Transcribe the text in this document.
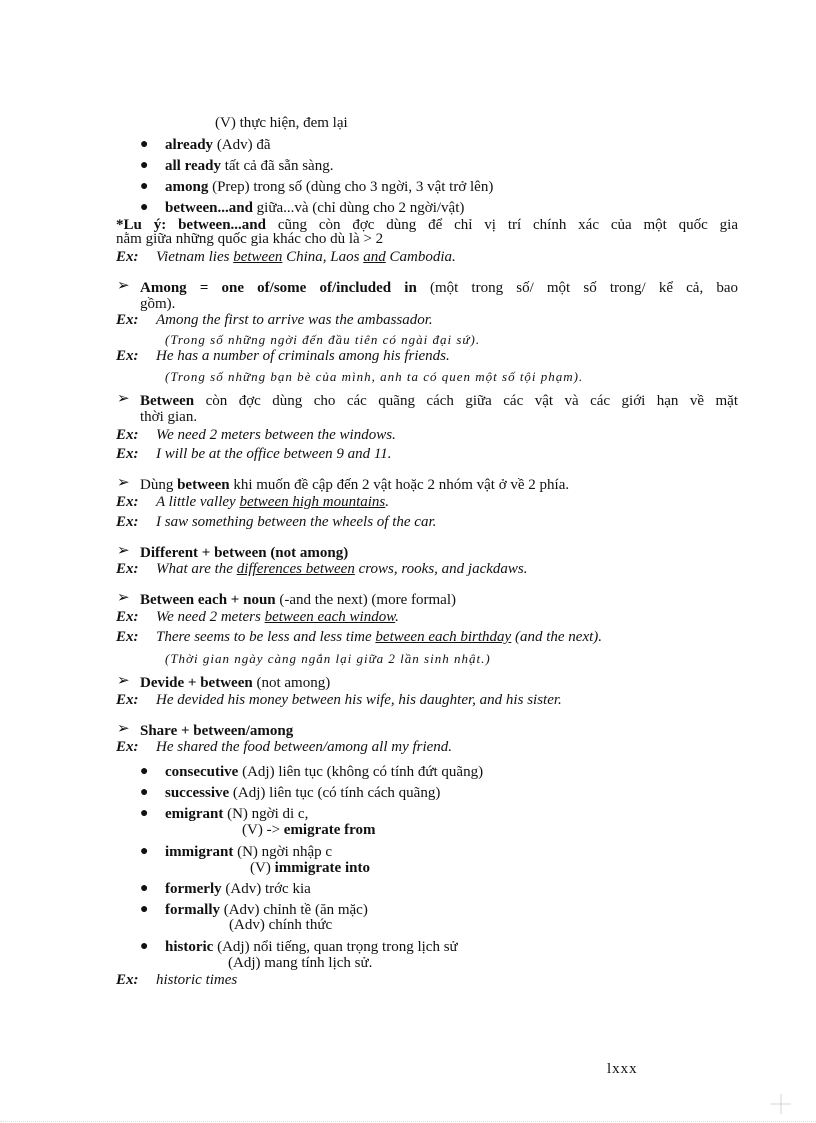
(V) thực hiện, đem lại
● already (Adv) đã
● all ready tất cả đã sẵn sàng.
● among (Prep) trong số (dùng cho 3 ngời, 3 vật trở lên)
● between...and giữa...và (chỉ dùng cho 2 ngời/vật)
*Lu ý: between...and cũng còn đợc dùng để chỉ vị trí chính xác của một quốc gia
nằm giữa những quốc gia khác cho dù là > 2
Ex: Vietnam lies between China, Laos and Cambodia.
➢ Among = one of/some of/included in (một trong số/ một số trong/ kể cả, bao
gồm).
Ex: Among the first to arrive was the ambassador.
(Trong số những ngời đến đầu tiên có ngài đại sứ).
Ex: He has a number of criminals among his friends.
(Trong số những bạn bè của mình, anh ta có quen một số tội phạm).
➢ Between còn đợc dùng cho các quãng cách giữa các vật và các giới hạn về mặt
thời gian.
Ex: We need 2 meters between the windows.
Ex: I will be at the office between 9 and 11.
➢ Dùng between khi muốn đề cập đến 2 vật hoặc 2 nhóm vật ở về 2 phía.
Ex: A little valley between high mountains.
Ex: I saw something between the wheels of the car.
➢ Different + between (not among)
Ex: What are the differences between crows, rooks, and jackdaws.
➢ Between each + noun (-and the next) (more formal)
Ex: We need 2 meters between each window.
Ex: There seems to be less and less time between each birthday (and the next).
(Thời gian ngày càng ngắn lại giữa 2 lần sinh nhật.)
➢ Devide + between (not among)
Ex: He devided his money between his wife, his daughter, and his sister.
➢ Share + between/among
Ex: He shared the food between/among all my friend.
● consecutive (Adj) liên tục (không có tính đứt quãng)
● successive (Adj) liên tục (có tính cách quãng)
● emigrant (N) ngời di c,
(V) -> emigrate from
● immigrant (N) ngời nhập c
(V) immigrate into
● formerly (Adv) trớc kia
● formally (Adv) chỉnh tề (ăn mặc)
(Adv) chính thức
● historic (Adj) nổi tiếng, quan trọng trong lịch sử
(Adj) mang tính lịch sử.
Ex: historic times
lxxx
